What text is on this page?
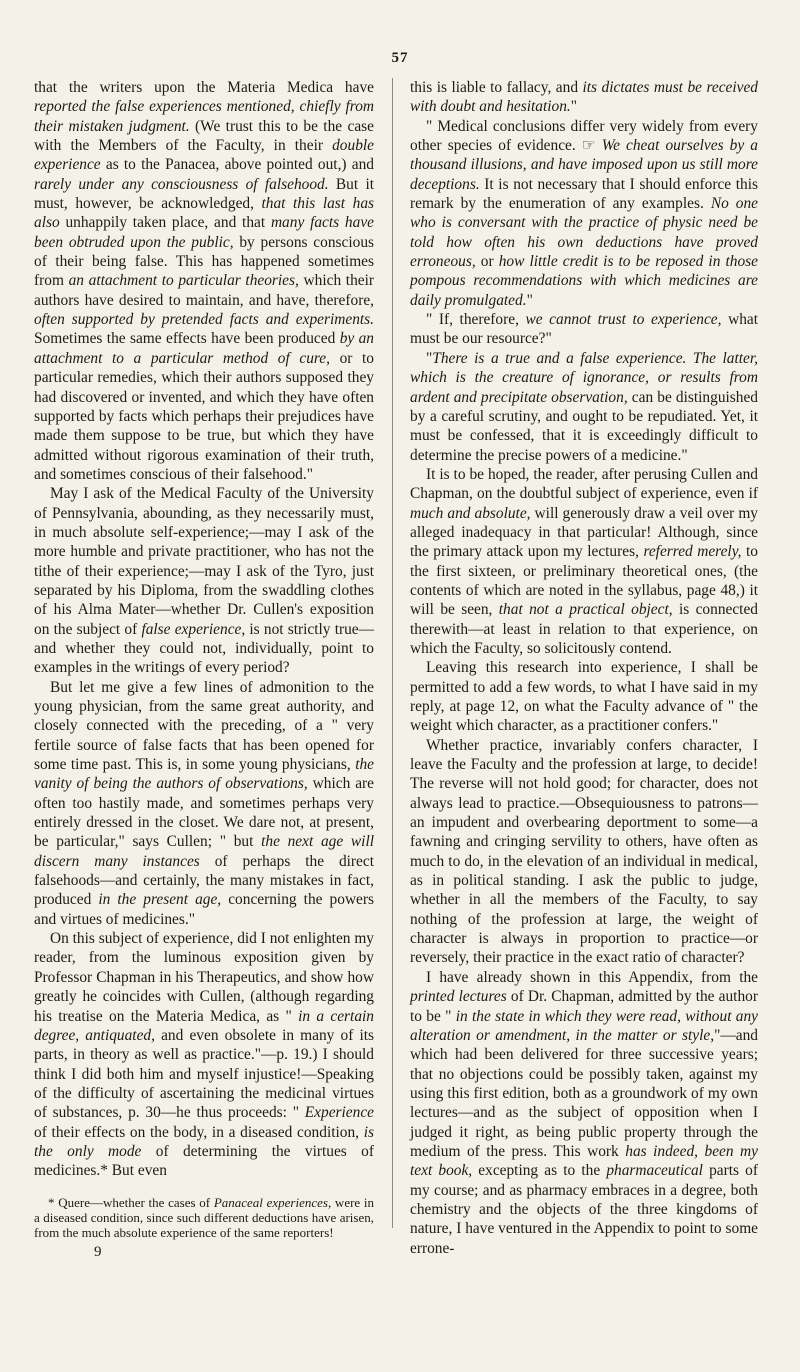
57

that the writers upon the Materia Medica have reported the false experiences mentioned, chiefly from their mistaken judgment. (We trust this to be the case with the Members of the Faculty, in their double experience as to the Panacea, above pointed out,) and rarely under any consciousness of falsehood. But it must, however, be acknowledged, that this last has also unhappily taken place, and that many facts have been obtruded upon the public, by persons conscious of their being false. This has happened sometimes from an attachment to particular theories, which their authors have desired to maintain, and have, therefore, often supported by pretended facts and experiments. Sometimes the same effects have been produced by an attachment to a particular method of cure, or to particular remedies, which their authors supposed they had discovered or invented, and which they have often supported by facts which perhaps their prejudices have made them suppose to be true, but which they have admitted without rigorous examination of their truth, and sometimes conscious of their falsehood."

May I ask of the Medical Faculty of the University of Pennsylvania, abounding, as they necessarily must, in much absolute self-experience;—may I ask of the more humble and private practitioner, who has not the tithe of their experience;—may I ask of the Tyro, just separated by his Diploma, from the swaddling clothes of his Alma Mater—whether Dr. Cullen's exposition on the subject of false experience, is not strictly true—and whether they could not, individually, point to examples in the writings of every period?

But let me give a few lines of admonition to the young physician, from the same great authority, and closely connected with the preceding, of a " very fertile source of false facts that has been opened for some time past. This is, in some young physicians, the vanity of being the authors of observations, which are often too hastily made, and sometimes perhaps very entirely dressed in the closet. We dare not, at present, be particular," says Cullen; " but the next age will discern many instances of perhaps the direct falsehoods—and certainly, the many mistakes in fact, produced in the present age, concerning the powers and virtues of medicines."

On this subject of experience, did I not enlighten my reader, from the luminous exposition given by Professor Chapman in his Therapeutics, and show how greatly he coincides with Cullen, (although regarding his treatise on the Materia Medica, as " in a certain degree, antiquated, and even obsolete in many of its parts, in theory as well as practice."—p. 19.) I should think I did both him and myself injustice!—Speaking of the difficulty of ascertaining the medicinal virtues of substances, p. 30—he thus proceeds: " Experience of their effects on the body, in a diseased condition, is the only mode of determining the virtues of medicines.* But even

* Quere—whether the cases of Panaceal experiences, were in a diseased condition, since such different deductions have arisen, from the much absolute experience of the same reporters!

9

this is liable to fallacy, and its dictates must be received with doubt and hesitation."

" Medical conclusions differ very widely from every other species of evidence. ☞ We cheat ourselves by a thousand illusions, and have imposed upon us still more deceptions. It is not necessary that I should enforce this remark by the enumeration of any examples. No one who is conversant with the practice of physic need be told how often his own deductions have proved erroneous, or how little credit is to be reposed in those pompous recommendations with which medicines are daily promulgated."

" If, therefore, we cannot trust to experience, what must be our resource?"

"There is a true and a false experience. The latter, which is the creature of ignorance, or results from ardent and precipitate observation, can be distinguished by a careful scrutiny, and ought to be repudiated. Yet, it must be confessed, that it is exceedingly difficult to determine the precise powers of a medicine."

It is to be hoped, the reader, after perusing Cullen and Chapman, on the doubtful subject of experience, even if much and absolute, will generously draw a veil over my alleged inadequacy in that particular! Although, since the primary attack upon my lectures, referred merely, to the first sixteen, or preliminary theoretical ones, (the contents of which are noted in the syllabus, page 48,) it will be seen, that not a practical object, is connected therewith—at least in relation to that experience, on which the Faculty, so solicitously contend.

Leaving this research into experience, I shall be permitted to add a few words, to what I have said in my reply, at page 12, on what the Faculty advance of " the weight which character, as a practitioner confers."

Whether practice, invariably confers character, I leave the Faculty and the profession at large, to decide! The reverse will not hold good; for character, does not always lead to practice.—Obsequiousness to patrons—an impudent and overbearing deportment to some—a fawning and cringing servility to others, have often as much to do, in the elevation of an individual in medical, as in political standing. I ask the public to judge, whether in all the members of the Faculty, to say nothing of the profession at large, the weight of character is always in proportion to practice—or reversely, their practice in the exact ratio of character?

I have already shown in this Appendix, from the printed lectures of Dr. Chapman, admitted by the author to be " in the state in which they were read, without any alteration or amendment, in the matter or style,"—and which had been delivered for three successive years; that no objections could be possibly taken, against my using this first edition, both as a groundwork of my own lectures—and as the subject of opposition when I judged it right, as being public property through the medium of the press. This work has indeed, been my text book, excepting as to the pharmaceutical parts of my course; and as pharmacy embraces in a degree, both chemistry and the objects of the three kingdoms of nature, I have ventured in the Appendix to point to some errone-
